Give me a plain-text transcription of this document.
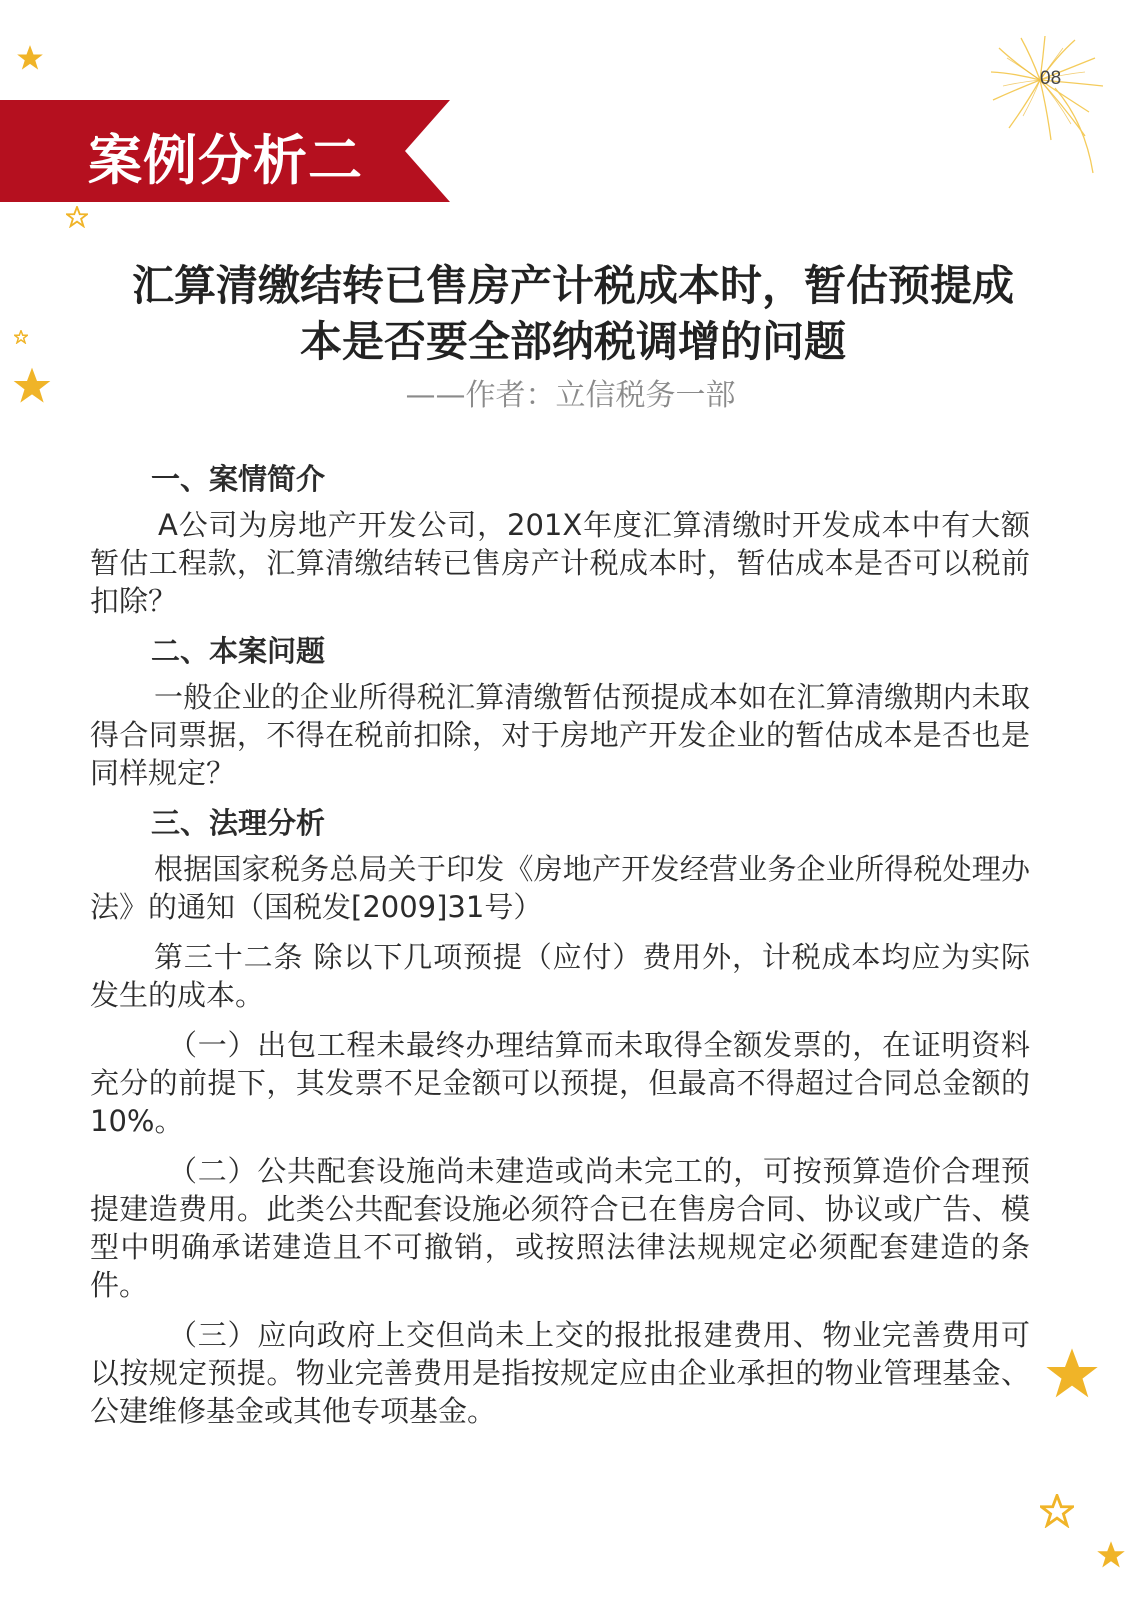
08
案例分析二
汇算清缴结转已售房产计税成本时，暂估预提成
本是否要全部纳税调增的问题
——作者：立信税务一部
一、案情简介

A公司为房地产开发公司，201X年度汇算清缴时开发成本中有大额暂估工程款，汇算清缴结转已售房产计税成本时，暂估成本是否可以税前扣除？

二、本案问题

一般企业的企业所得税汇算清缴暂估预提成本如在汇算清缴期内未取得合同票据，不得在税前扣除，对于房地产开发企业的暂估成本是否也是同样规定？

三、法理分析

根据国家税务总局关于印发《房地产开发经营业务企业所得税处理办法》的通知（国税发[2009]31号）

第三十二条 除以下几项预提（应付）费用外，计税成本均应为实际发生的成本。

（一）出包工程未最终办理结算而未取得全额发票的，在证明资料充分的前提下，其发票不足金额可以预提，但最高不得超过合同总金额的10%。

（二）公共配套设施尚未建造或尚未完工的，可按预算造价合理预提建造费用。此类公共配套设施必须符合已在售房合同、协议或广告、模型中明确承诺建造且不可撤销，或按照法律法规规定必须配套建造的条件。

（三）应向政府上交但尚未上交的报批报建费用、物业完善费用可以按规定预提。物业完善费用是指按规定应由企业承担的物业管理基金、公建维修基金或其他专项基金。
